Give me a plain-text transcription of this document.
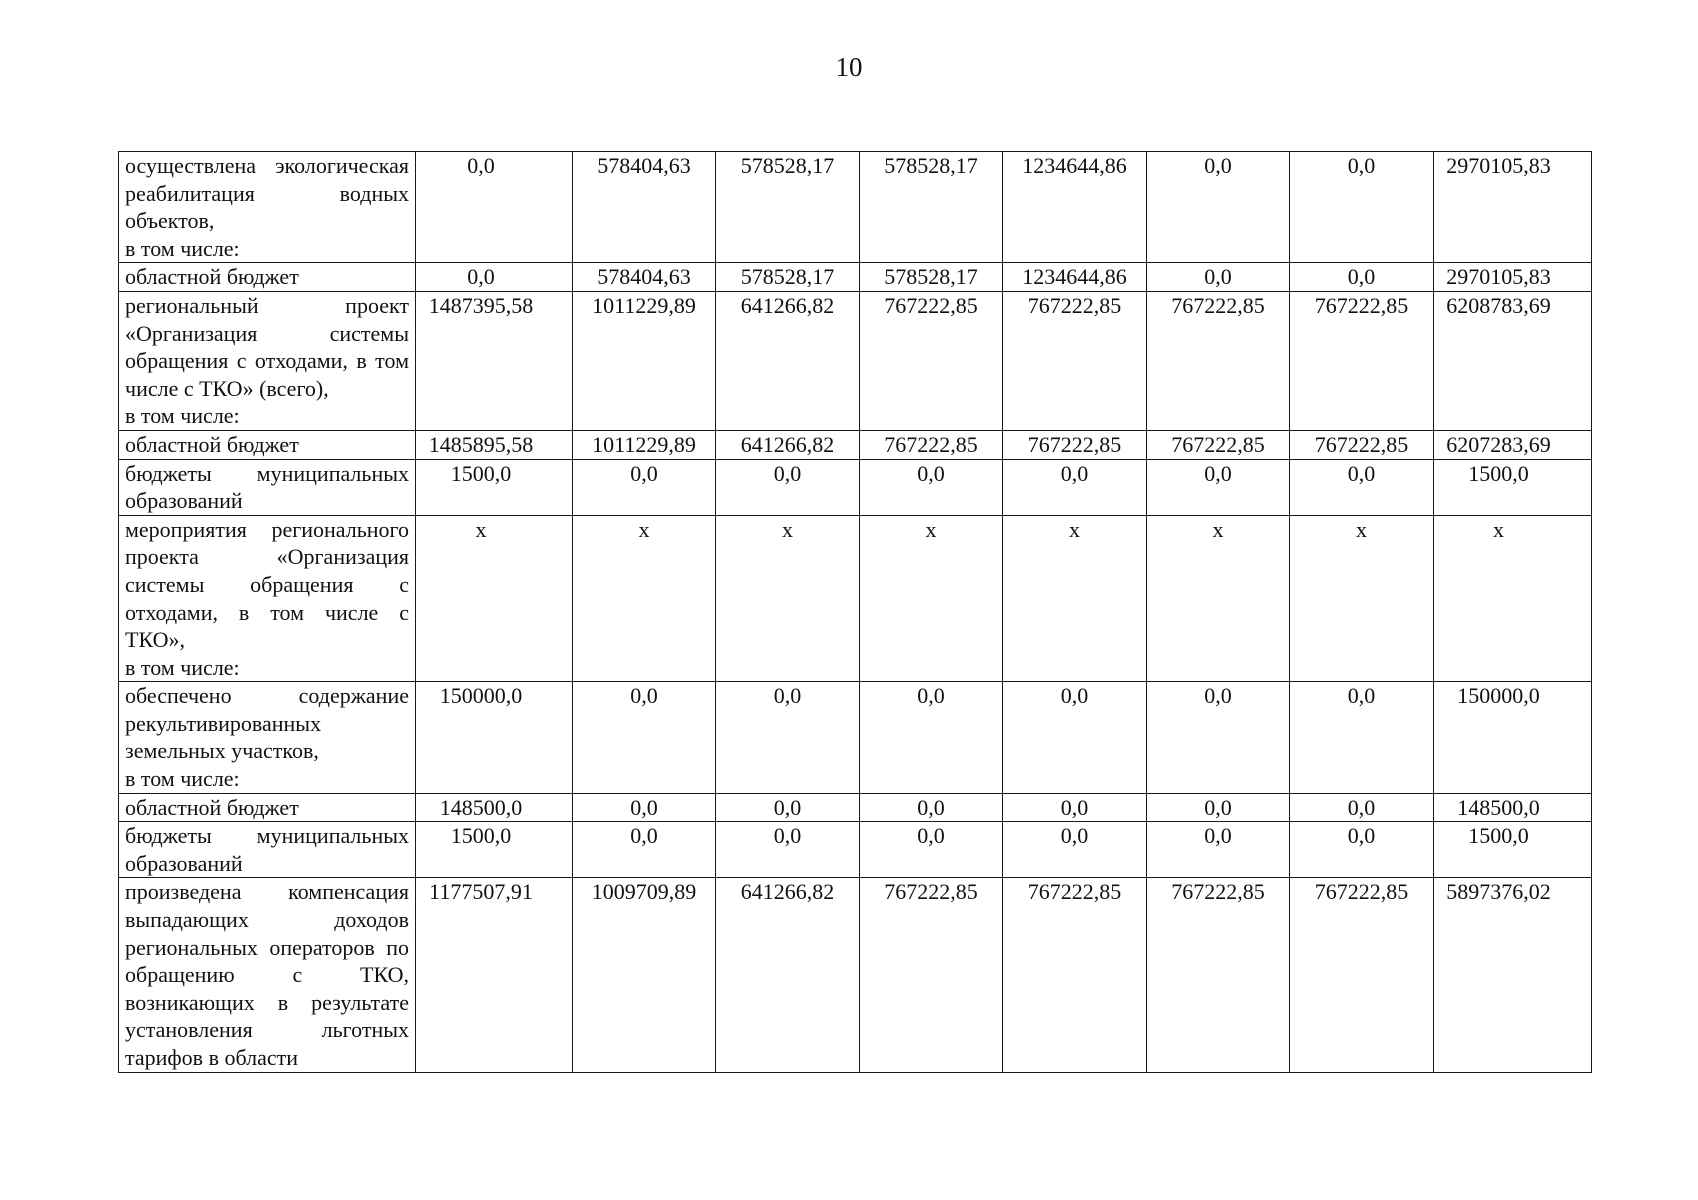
10
осуществлена экологическая реабилитация водных объектов,
в том числе:	0,0	578404,63	578528,17	578528,17	1234644,86	0,0	0,0	2970105,83
областной бюджет	0,0	578404,63	578528,17	578528,17	1234644,86	0,0	0,0	2970105,83

региональный проект «Организация системы обращения с отходами, в том числе с ТКО» (всего),
в том числе:	1487395,58	1011229,89	641266,82	767222,85	767222,85	767222,85	767222,85	6208783,69
областной бюджет	1485895,58	1011229,89	641266,82	767222,85	767222,85	767222,85	767222,85	6207283,69
бюджеты муниципальных образований	1500,0	0,0	0,0	0,0	0,0	0,0	0,0	1500,0

мероприятия регионального проекта «Организация системы обращения с отходами, в том числе с ТКО»,
в том числе:	x	x	x	x	x	x	x	x

обеспечено содержание рекультивированных земельных участков,
в том числе:	150000,0	0,0	0,0	0,0	0,0	0,0	0,0	150000,0
областной бюджет	148500,0	0,0	0,0	0,0	0,0	0,0	0,0	148500,0
бюджеты муниципальных образований	1500,0	0,0	0,0	0,0	0,0	0,0	0,0	1500,0
произведена компенсация выпадающих доходов региональных операторов по обращению с ТКО, возникающих в результате установления льготных тарифов в области	1177507,91	1009709,89	641266,82	767222,85	767222,85	767222,85	767222,85	5897376,02
